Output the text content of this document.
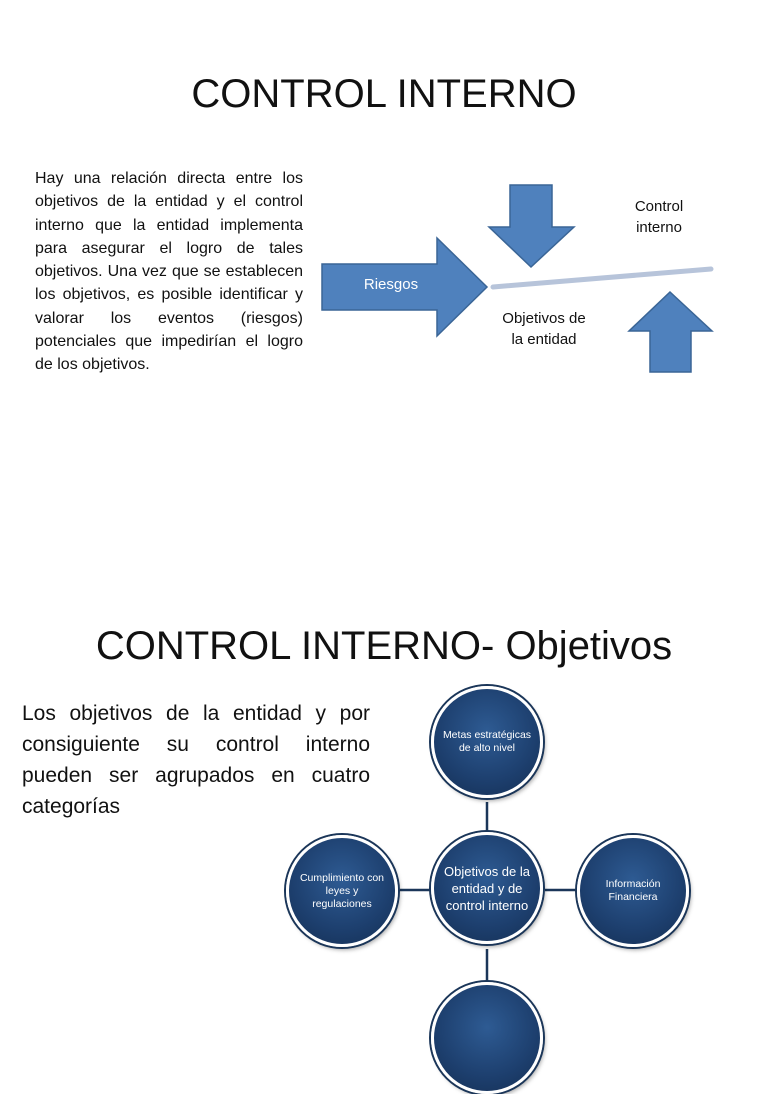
CONTROL INTERNO
Hay una relación directa entre los objetivos de la entidad y el control interno que la entidad implementa para asegurar el logro de tales objetivos. Una vez que se establecen los objetivos, es posible identificar y valorar los eventos (riesgos) potenciales que impedirían el logro de los objetivos.
Riesgos
Control interno
Objetivos de la entidad
CONTROL INTERNO- Objetivos
Los objetivos de la entidad y por consiguiente su control interno pueden ser agrupados en cuatro categorías
Metas estratégicas de alto nivel
Cumplimiento con leyes y regulaciones
Objetivos de la entidad y de control interno
Información Financiera
